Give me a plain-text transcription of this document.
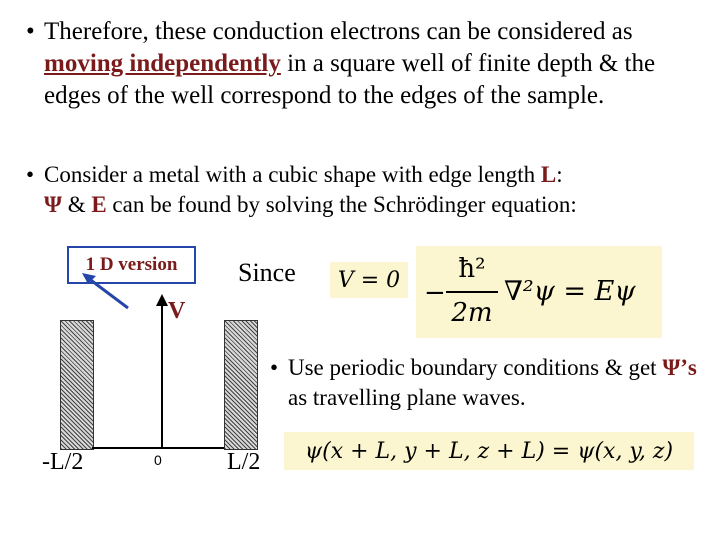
• Therefore, these conduction electrons can be considered as moving independently in a square well of finite depth & the edges of the well correspond to the edges of the sample.
• Consider a metal with a cubic shape with edge length L:
Ψ & E can be found by solving the Schrödinger equation:
1 D version Since	V = 0 −
ħ²
2m
∇²ψ = Eψ
V
-L/2	0	L/2
• Use periodic boundary conditions & get Ψ’s as travelling plane waves.
ψ(x + L, y + L, z + L) = ψ(x, y, z)
